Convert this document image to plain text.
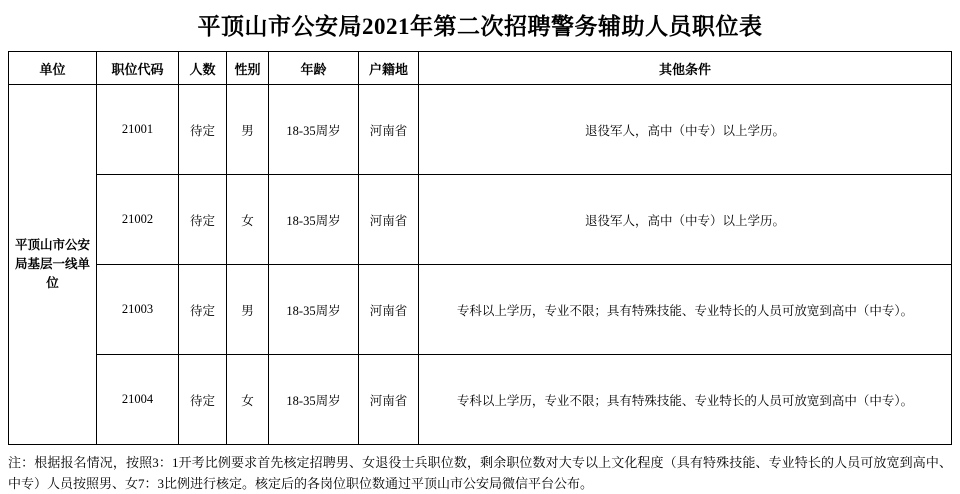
平顶山市公安局2021年第二次招聘警务辅助人员职位表
单位	职位代码	人数	性别	年龄	户籍地	其他条件
平顶山市公安局基层一线单位	21001	待定	男	18-35周岁	河南省	退役军人，高中（中专）以上学历。
	21002	待定	女	18-35周岁	河南省	退役军人，高中（中专）以上学历。
	21003	待定	男	18-35周岁	河南省	专科以上学历，专业不限；具有特殊技能、专业特长的人员可放宽到高中（中专）。
	21004	待定	女	18-35周岁	河南省	专科以上学历，专业不限；具有特殊技能、专业特长的人员可放宽到高中（中专）。
注：根据报名情况，按照3：1开考比例要求首先核定招聘男、女退役士兵职位数，剩余职位数对大专以上文化程度（具有特殊技能、专业特长的人员可放宽到高中、中专）人员按照男、女7：3比例进行核定。核定后的各岗位职位数通过平顶山市公安局微信平台公布。
